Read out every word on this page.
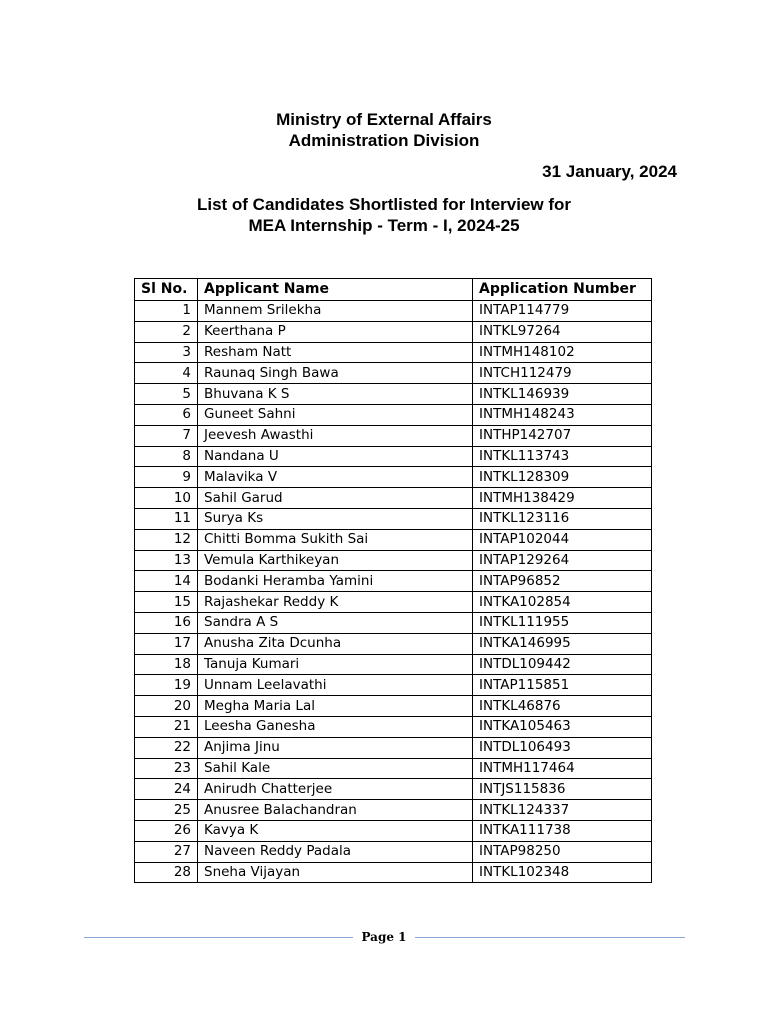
Ministry of External Affairs
Administration Division
31 January, 2024
List of Candidates Shortlisted for Interview for
MEA Internship - Term - I, 2024-25
Sl No.	Applicant Name	Application Number
1	Mannem Srilekha	INTAP114779
2	Keerthana P	INTKL97264
3	Resham Natt	INTMH148102
4	Raunaq Singh Bawa	INTCH112479
5	Bhuvana K S	INTKL146939
6	Guneet Sahni	INTMH148243
7	Jeevesh Awasthi	INTHP142707
8	Nandana U	INTKL113743
9	Malavika V	INTKL128309
10	Sahil Garud	INTMH138429
11	Surya Ks	INTKL123116
12	Chitti Bomma Sukith Sai	INTAP102044
13	Vemula Karthikeyan	INTAP129264
14	Bodanki Heramba Yamini	INTAP96852
15	Rajashekar Reddy K	INTKA102854
16	Sandra A S	INTKL111955
17	Anusha Zita Dcunha	INTKA146995
18	Tanuja Kumari	INTDL109442
19	Unnam Leelavathi	INTAP115851
20	Megha Maria Lal	INTKL46876
21	Leesha Ganesha	INTKA105463
22	Anjima Jinu	INTDL106493
23	Sahil Kale	INTMH117464
24	Anirudh Chatterjee	INTJS115836
25	Anusree Balachandran	INTKL124337
26	Kavya K	INTKA111738
27	Naveen Reddy Padala	INTAP98250
28	Sneha Vijayan	INTKL102348
Page 1
